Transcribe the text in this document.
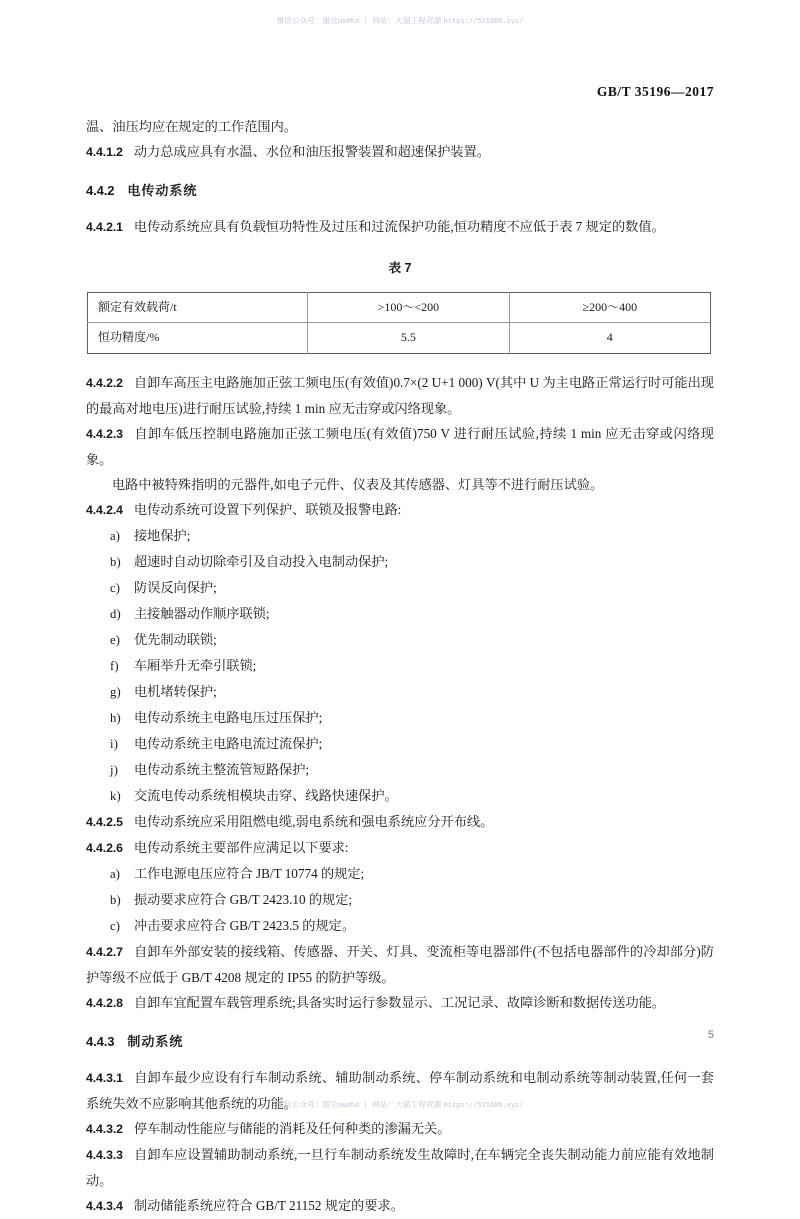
微信公众号：服兑useful | 网站：大猫工程资源 https://521686.xyz/
GB/T 35196—2017

温、油压均应在规定的工作范围内。

4.4.1.2 动力总成应具有水温、水位和油压报警装置和超速保护装置。

4.4.2 电传动系统

4.4.2.1 电传动系统应具有负载恒功特性及过压和过流保护功能,恒功精度不应低于表 7 规定的数值。

表 7

额定有效载荷/t	>100～<200	≥200～400
恒功精度/%	5.5	4

4.4.2.2 自卸车高压主电路施加正弦工频电压(有效值)0.7×(2 U+1 000) V(其中 U 为主电路正常运行时可能出现的最高对地电压)进行耐压试验,持续 1 min 应无击穿或闪络现象。

4.4.2.3 自卸车低压控制电路施加正弦工频电压(有效值)750 V 进行耐压试验,持续 1 min 应无击穿或闪络现象。

电路中被特殊指明的元器件,如电子元件、仪表及其传感器、灯具等不进行耐压试验。

4.4.2.4 电传动系统可设置下列保护、联锁及报警电路:

a)	接地保护;
b) 超速时自动切除牵引及自动投入电制动保护;
c)	防误反向保护;
d) 主接触器动作顺序联锁;
e)	优先制动联锁;
f)	车厢举升无牵引联锁;
g) 电机堵转保护;
h) 电传动系统主电路电压过压保护;
i)	电传动系统主电路电流过流保护;
j)	电传动系统主整流管短路保护;
k) 交流电传动系统相模块击穿、线路快速保护。

4.4.2.5 电传动系统应采用阻燃电缆,弱电系统和强电系统应分开布线。

4.4.2.6 电传动系统主要部件应满足以下要求:

a)	工作电源电压应符合 JB/T 10774 的规定;
b) 振动要求应符合 GB/T 2423.10 的规定;
c)	冲击要求应符合 GB/T 2423.5 的规定。

4.4.2.7 自卸车外部安装的接线箱、传感器、开关、灯具、变流柜等电器部件(不包括电器部件的冷却部分)防护等级不应低于 GB/T 4208 规定的 IP55 的防护等级。

4.4.2.8 自卸车宜配置车载管理系统;具备实时运行参数显示、工况记录、故障诊断和数据传送功能。

4.4.3 制动系统

4.4.3.1 自卸车最少应设有行车制动系统、辅助制动系统、停车制动系统和电制动系统等制动装置,任何一套系统失效不应影响其他系统的功能。

4.4.3.2 停车制动性能应与储能的消耗及任何种类的渗漏无关。

4.4.3.3 自卸车应设置辅助制动系统,一旦行车制动系统发生故障时,在车辆完全丧失制动能力前应能有效地制动。

4.4.3.4 制动储能系统应符合 GB/T 21152 规定的要求。

5
微信公众号：服兑useful | 网站：大猫工程资源 https://521686.xyz/
